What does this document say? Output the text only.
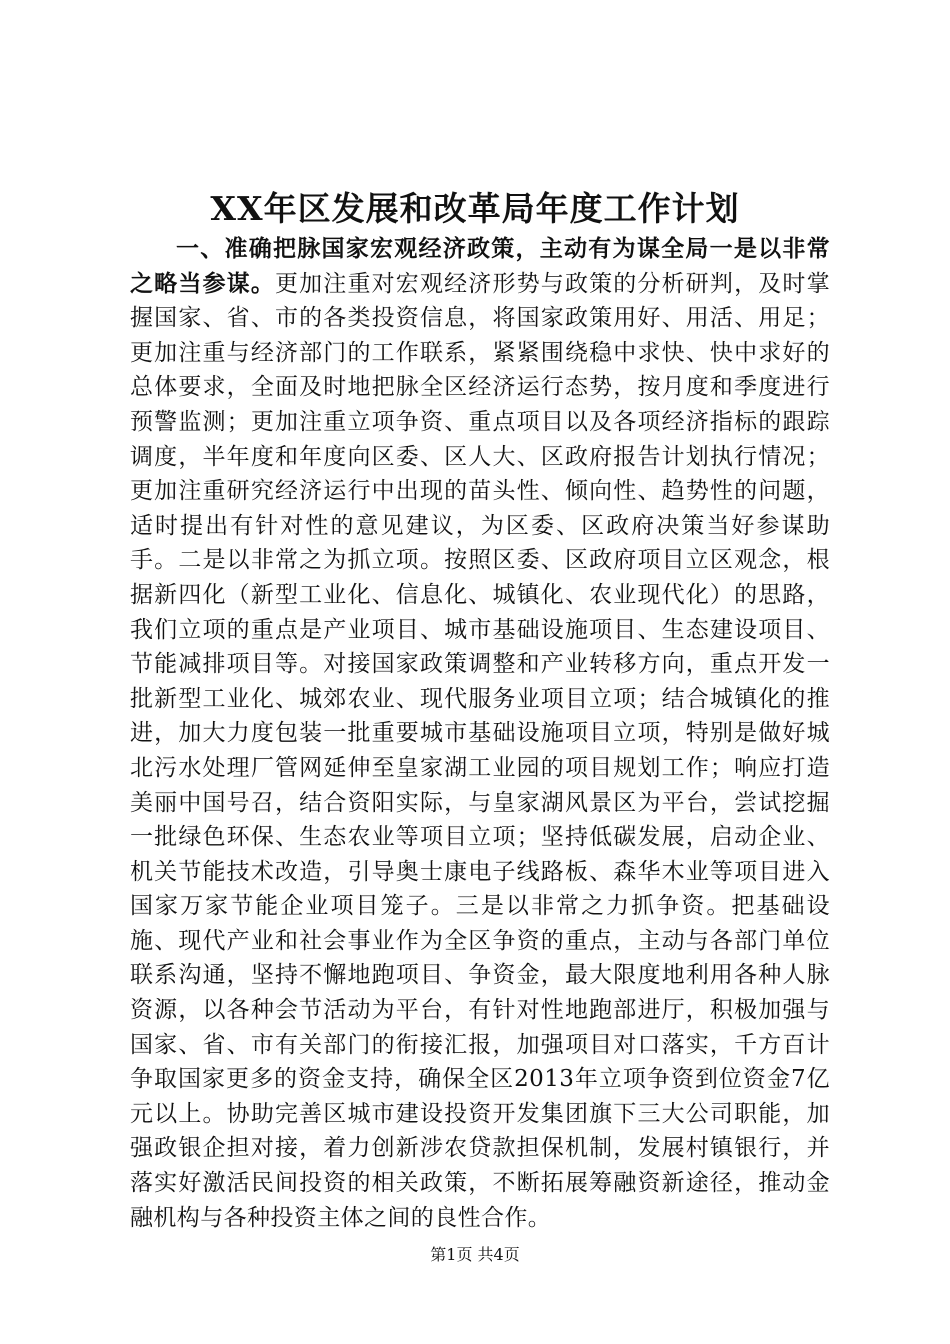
XX年区发展和改革局年度工作计划
一、准确把脉国家宏观经济政策，主动有为谋全局一是以非常之略当参谋。更加注重对宏观经济形势与政策的分析研判，及时掌握国家、省、市的各类投资信息，将国家政策用好、用活、用足；更加注重与经济部门的工作联系，紧紧围绕稳中求快、快中求好的总体要求，全面及时地把脉全区经济运行态势，按月度和季度进行预警监测；更加注重立项争资、重点项目以及各项经济指标的跟踪调度，半年度和年度向区委、区人大、区政府报告计划执行情况；更加注重研究经济运行中出现的苗头性、倾向性、趋势性的问题，适时提出有针对性的意见建议，为区委、区政府决策当好参谋助手。二是以非常之为抓立项。按照区委、区政府项目立区观念，根据新四化（新型工业化、信息化、城镇化、农业现代化）的思路，我们立项的重点是产业项目、城市基础设施项目、生态建设项目、节能减排项目等。对接国家政策调整和产业转移方向，重点开发一批新型工业化、城郊农业、现代服务业项目立项；结合城镇化的推进，加大力度包装一批重要城市基础设施项目立项，特别是做好城北污水处理厂管网延伸至皇家湖工业园的项目规划工作；响应打造美丽中国号召，结合资阳实际，与皇家湖风景区为平台，尝试挖掘一批绿色环保、生态农业等项目立项；坚持低碳发展，启动企业、机关节能技术改造，引导奥士康电子线路板、森华木业等项目进入国家万家节能企业项目笼子。三是以非常之力抓争资。把基础设施、现代产业和社会事业作为全区争资的重点，主动与各部门单位联系沟通，坚持不懈地跑项目、争资金，最大限度地利用各种人脉资源，以各种会节活动为平台，有针对性地跑部进厅，积极加强与国家、省、市有关部门的衔接汇报，加强项目对口落实，千方百计争取国家更多的资金支持，确保全区2013年立项争资到位资金7亿元以上。协助完善区城市建设投资开发集团旗下三大公司职能，加强政银企担对接，着力创新涉农贷款担保机制，发展村镇银行，并落实好激活民间投资的相关政策，不断拓展筹融资新途径，推动金融机构与各种投资主体之间的良性合作。
第1页 共4页
